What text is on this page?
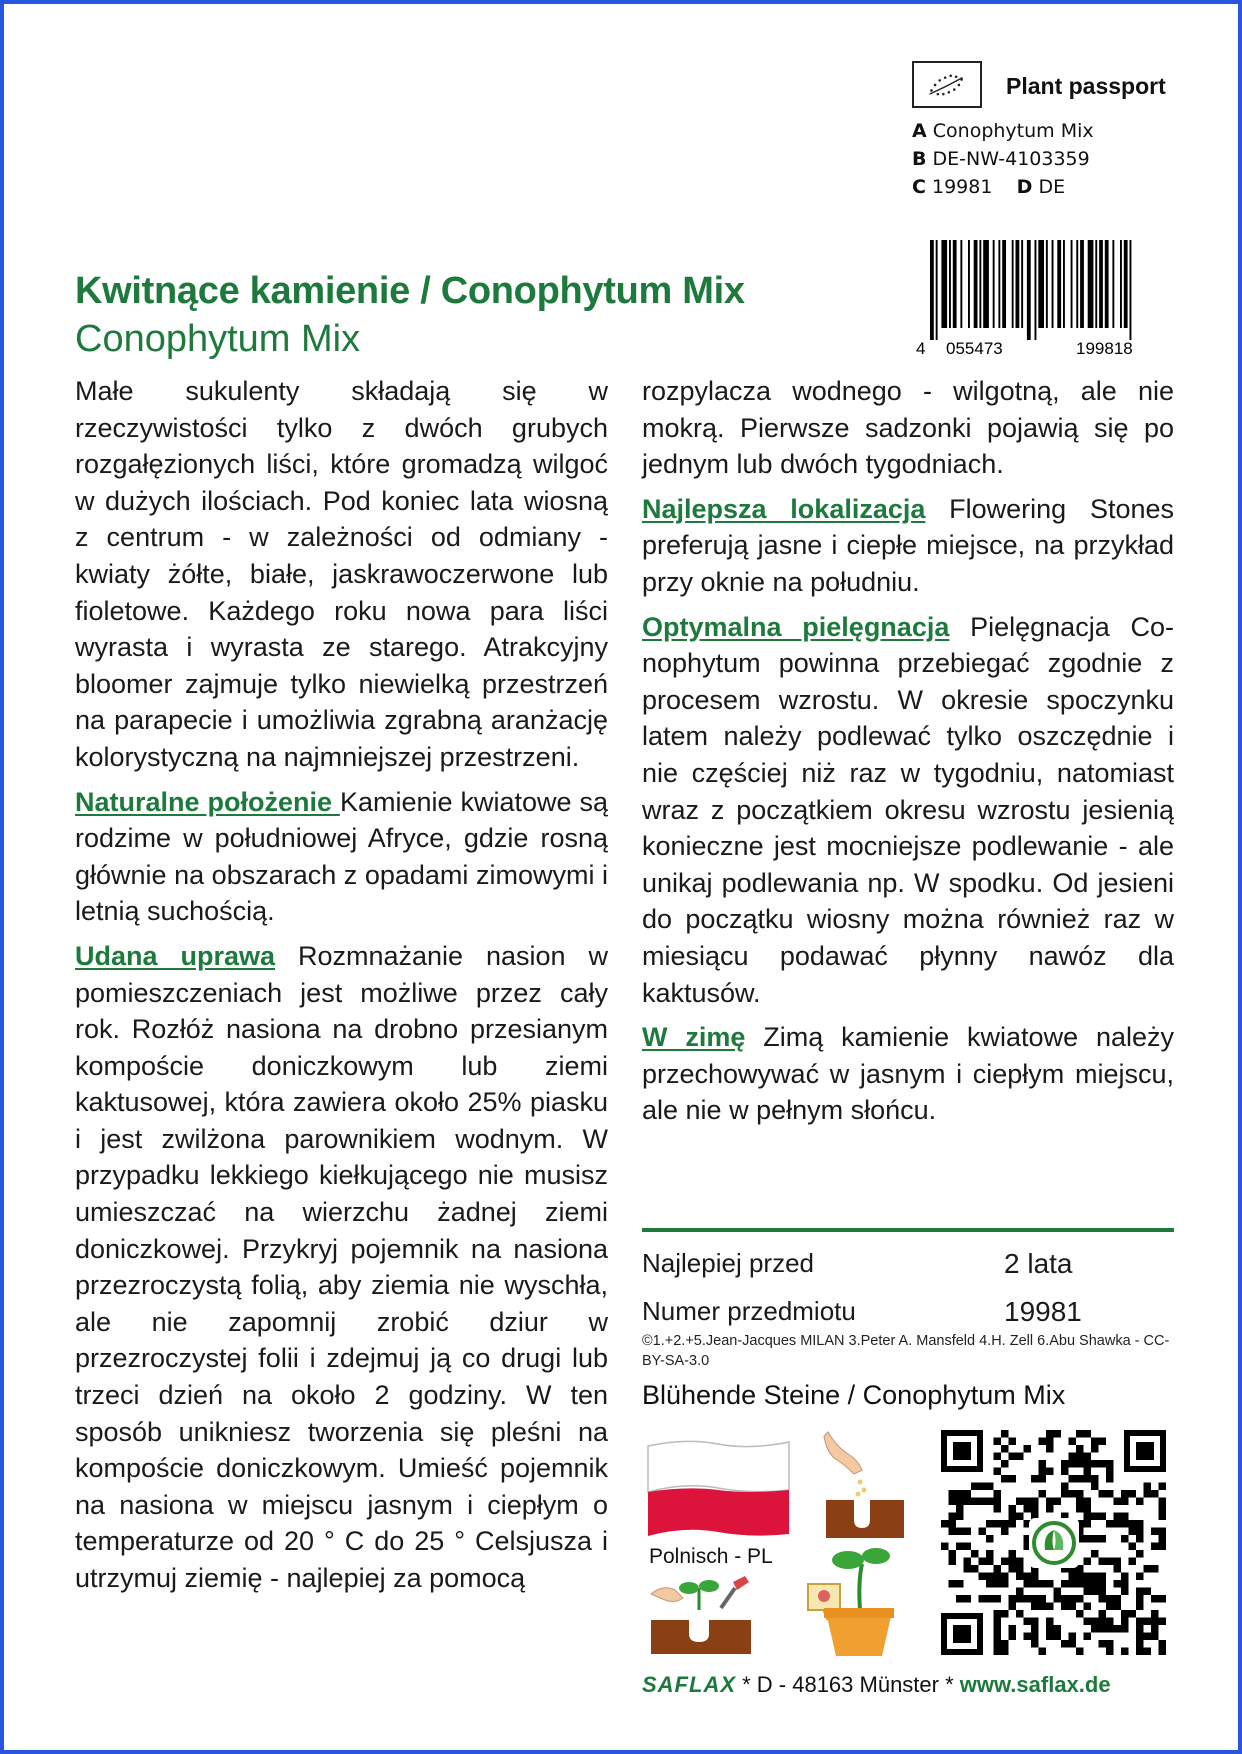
Plant passport
A Conophytum Mix
B DE-NW-4103359
C 19981 D DE
4 055473	199818
Kwitnące kamienie / Conophytum Mix
Conophytum Mix

Małe sukulenty składają się w rzeczywistości tylko z dwóch grubych rozgałęzionych liści, które gromadzą wilgoć w dużych ilościach. Pod koniec lata wiosną z centrum - w zależności od odmiany - kwiaty żółte, białe, jaskrawoczerwone lub fioletowe. Każdego roku nowa para liści wyrasta i wyrasta ze starego. Atrakcyjny bloomer zajmuje tylko niewielką przestrzeń na parapecie i umożliwia zgrabną aranżację kolorystyczną na najmniejszej przestrzeni.

Naturalne położenie Kamienie kwiatowe są rodzime w południowej Afryce, gdzie rosną głównie na obszarach z opadami zimowymi i letnią suchością.

Udana uprawa Rozmnażanie nasion w pomieszczeniach jest możliwe przez cały rok. Rozłóż nasiona na drobno przesianym kompoście doniczkowym lub ziemi kaktusowej, która zawiera około 25% piasku i jest zwilżona parownikiem wodnym. W przypadku lekkiego kiełkującego nie musisz umieszczać na wierzchu żadnej ziemi doniczkowej. Przykryj pojemnik na nasiona przezroczystą folią, aby ziemia nie wyschła, ale nie zapomnij zrobić dziur w przezroczystej folii i zdejmuj ją co drugi lub trzeci dzień na około 2 godziny. W ten sposób unikniesz tworzenia się pleśni na kompoście doniczkowym. Umieść pojemnik na nasiona w miejscu jasnym i ciepłym o temperaturze od 20 ° C do 25 ° Celsjusza i utrzymuj ziemię - najlepiej za pomocą

rozpylacza wodnego - wilgotną, ale nie mokrą. Pierwsze sadzonki pojawią się po jednym lub dwóch tygodniach.

Najlepsza lokalizacja Flowering Stones preferują jasne i ciepłe miejsce, na przykład przy oknie na południu.

Optymalna pielęgnacja Pielęgnacja Conophytum powinna przebiegać zgodnie z procesem wzrostu. W okresie spoczynku latem należy podlewać tylko oszczędnie i nie częściej niż raz w tygodniu, natomiast wraz z początkiem okresu wzrostu jesienią konieczne jest mocniejsze podlewanie - ale unikaj podlewania np. W spodku. Od jesieni do początku wiosny można również raz w miesiącu podawać płynny nawóz dla kaktusów.

W zimę Zimą kamienie kwiatowe należy przechowywać w jasnym i ciepłym miejscu, ale nie w pełnym słońcu.

Najlepiej przed	2 lata
Numer przedmiotu	19981
©1.+2.+5.Jean-Jacques MILAN 3.Peter A. Mansfeld 4.H. Zell 6.Abu Shawka - CC-BY-SA-3.0
Blühende Steine / Conophytum Mix
Polnisch - PL
SAFLAX * D - 48163 Münster * www.saflax.de
